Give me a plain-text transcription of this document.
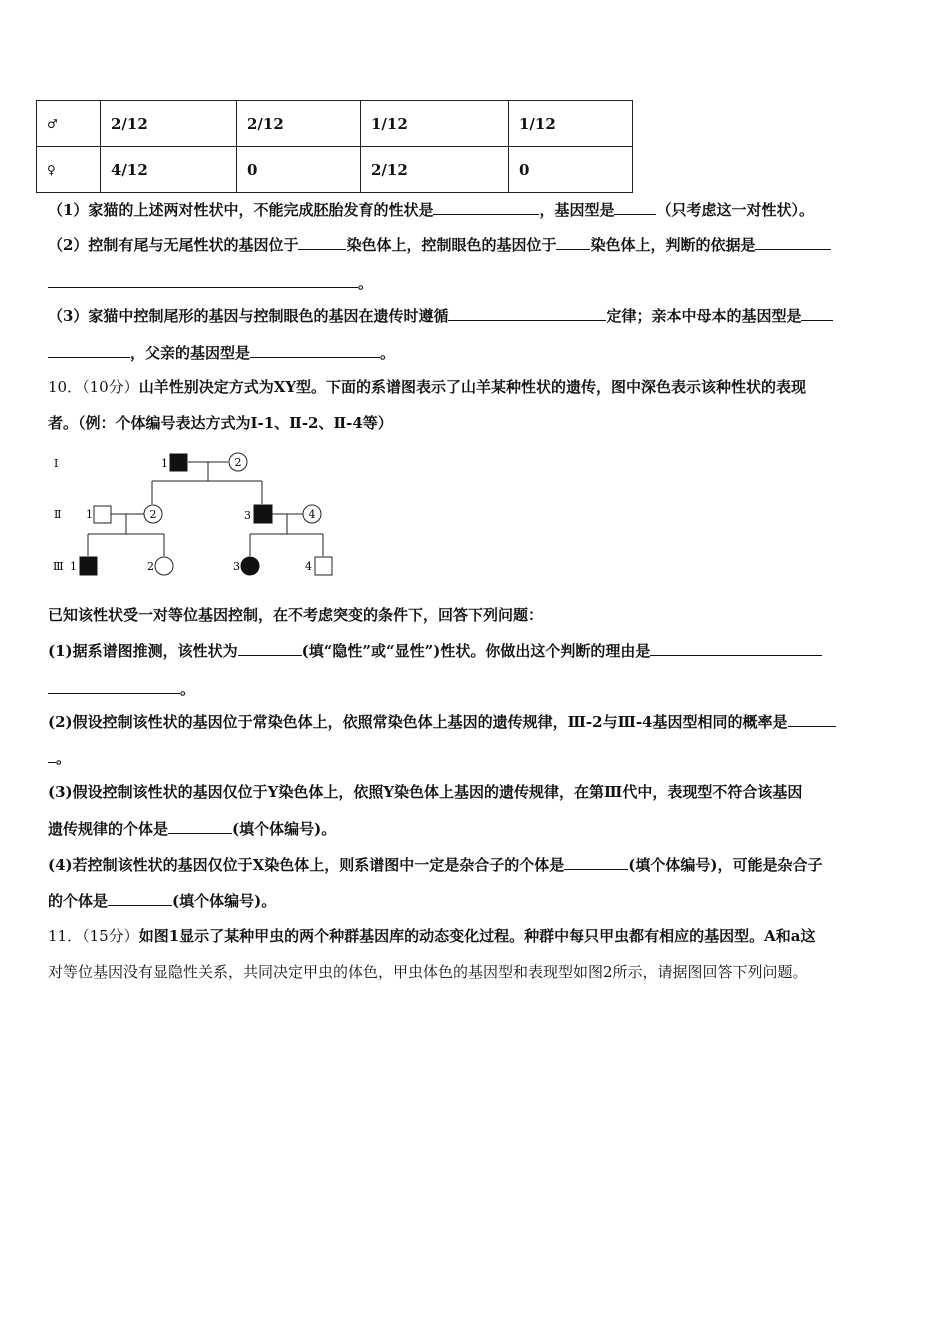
♂	2/12	2/12	1/12	1/12
♀	4/12	0	2/12	0
（1）家猫的上述两对性状中，不能完成胚胎发育的性状是	，基因型是	（只考虑这一对性状）。
（2）控制有尾与无尾性状的基因位于	染色体上，控制眼色的基因位于 染色体上，判断的依据是
。
（3）家猫中控制尾形的基因与控制眼色的基因在遗传时遵循	定律；亲本中母本的基因型是
，父亲的基因型是	。
10．（10分）山羊性别决定方式为XY型。下面的系谱图表示了山羊某种性状的遗传，图中深色表示该种性状的表现
者。（例：个体编号表达方式为Ⅰ-1、Ⅱ-2、Ⅱ-4等）
Ⅰ
Ⅱ
Ⅲ
1	2
1	2	3	4
1	2	3	4
已知该性状受一对等位基因控制，在不考虑突变的条件下，回答下列问题：
(1)据系谱图推测，该性状为	(填“隐性”或“显性”)性状。你做出这个判断的理由是
。
(2)假设控制该性状的基因位于常染色体上，依照常染色体上基因的遗传规律，Ⅲ-2与Ⅲ-4基因型相同的概率是
。
(3)假设控制该性状的基因仅位于Y染色体上，依照Y染色体上基因的遗传规律，在第Ⅲ代中，表现型不符合该基因
遗传规律的个体是	(填个体编号)。
(4)若控制该性状的基因仅位于X染色体上，则系谱图中一定是杂合子的个体是	(填个体编号)，可能是杂合子
的个体是	(填个体编号)。
11．（15分）如图1显示了某种甲虫的两个种群基因库的动态变化过程。种群中每只甲虫都有相应的基因型。A和a这
对等位基因没有显隐性关系，共同决定甲虫的体色，甲虫体色的基因型和表现型如图2所示，请据图回答下列问题。
